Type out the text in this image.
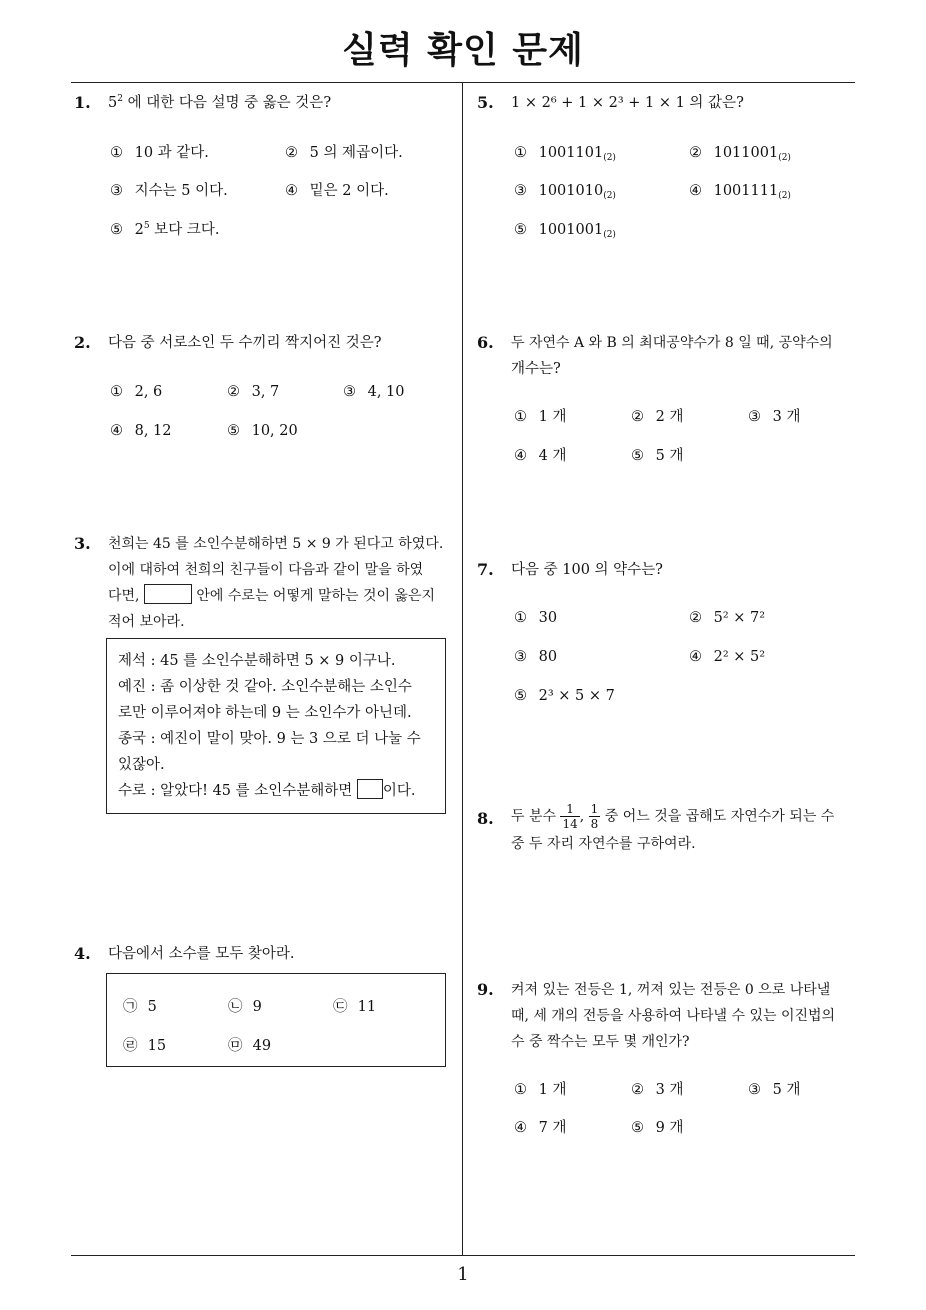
실력 확인 문제
1
1. $5^2$ 에 대한 다음 설명 중 옳은 것은?
① 10 과 같다.	② 5 의 제곱이다.
③ 지수는 5 이다.	④ 밑은 2 이다.
⑤ $2^5$ 보다 크다.
2. 다음 중 서로소인 두 수끼리 짝지어진 것은?
① 2, 6	② 3, 7	③ 4, 10
④ 8, 12	⑤ 10, 20
3. 천희는 45 를 소인수분해하면 5 × 9 가 된다고 하였다.
이에 대하여 천희의 친구들이 다음과 같이 말을 하였
다면,	안에 수로는 어떻게 말하는 것이 옳은지
적어 보아라.
제석 : 45 를 소인수분해하면 5 × 9 이구나.
예진 : 좀 이상한 것 같아. 소인수분해는 소인수
로만 이루어져야 하는데 9 는 소인수가 아닌데.
종국 : 예진이 말이 맞아. 9 는 3 으로 더 나눌 수
있잖아.
수로 : 알았다! 45 를 소인수분해하면 이다.
4. 다음에서 소수를 모두 찾아라.
㉠ 5	㉡ 9	㉢ 11
㉣ 15	㉤ 49
5. 1 × 2⁶ + 1 × 2³ + 1 × 1 의 값은?
① $1001101_{(2)}$	② $1011001_{(2)}$
③ $1001010_{(2)}$	④ $1001111_{(2)}$
⑤ $1001001_{(2)}$
6. 두 자연수 A 와 B 의 최대공약수가 8 일 때, 공약수의
개수는?
① 1 개	② 2 개	③ 3 개
④ 4 개	⑤ 5 개
7. 다음 중 100 의 약수는?
① 30	② 5² × 7²
③ 80	④ 2² × 5²
⑤ 2³ × 5 × 7
8. 두 분수 $\frac{1}{14}$ , $\frac{1}{8}$ 중 어느 것을 곱해도 자연수가 되는 수
중 두 자리 자연수를 구하여라.
9. 켜져 있는 전등은 1, 꺼져 있는 전등은 0 으로 나타낼
때, 세 개의 전등을 사용하여 나타낼 수 있는 이진법의
수 중 짝수는 모두 몇 개인가?
① 1 개	② 3 개	③ 5 개
④ 7 개	⑤ 9 개
